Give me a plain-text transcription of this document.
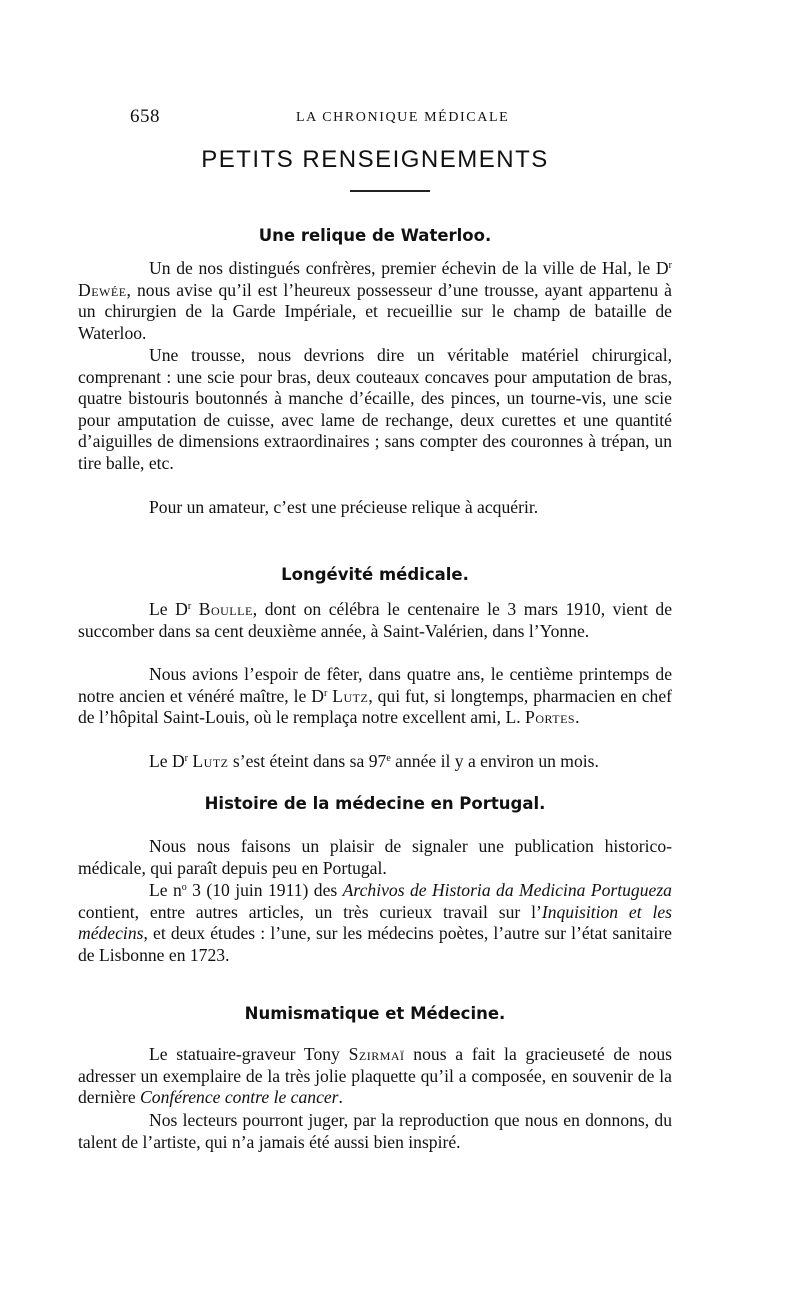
658	LA CHRONIQUE MÉDICALE
PETITS RENSEIGNEMENTS
Une relique de Waterloo.

Un de nos distingués confrères, premier échevin de la ville de Hal, le $D^r$ Dewée, nous avise qu’il est l’heureux possesseur d’une trousse, ayant appartenu à un chirurgien de la Garde Impériale, et recueillie sur le champ de bataille de Waterloo.

Une trousse, nous devrions dire un véritable matériel chirurgical, comprenant : une scie pour bras, deux couteaux concaves pour amputation de bras, quatre bistouris boutonnés à manche d’écaille, des pinces, un tourne-vis, une scie pour amputation de cuisse, avec lame de rechange, deux curettes et une quantité d’aiguilles de dimensions extraordinaires ; sans compter des couronnes à trépan, un tire balle, etc.

Pour un amateur, c’est une précieuse relique à acquérir.

Longévité médicale.

Le $D^r$ Boulle, dont on célébra le centenaire le 3 mars 1910, vient de succomber dans sa cent deuxième année, à Saint-Valérien, dans l’Yonne.

Nous avions l’espoir de fêter, dans quatre ans, le centième printemps de notre ancien et vénéré maître, le $D^r$ Lutz, qui fut, si longtemps, pharmacien en chef de l’hôpital Saint-Louis, où le remplaça notre excellent ami, L. Portes.

Le $D^r$ Lutz s’est éteint dans sa 97e année il y a environ un mois.

Histoire de la médecine en Portugal.

Nous nous faisons un plaisir de signaler une publication historico-médicale, qui paraît depuis peu en Portugal.

Le $n^o$ 3 (10 juin 1911) des Archivos de Historia da Medicina Portugueza contient, entre autres articles, un très curieux travail sur l’Inquisition et les médecins, et deux études : l’une, sur les médecins poètes, l’autre sur l’état sanitaire de Lisbonne en 1723.

Numismatique et Médecine.

Le statuaire-graveur Tony Szirmaï nous a fait la gracieuseté de nous adresser un exemplaire de la très jolie plaquette qu’il a composée, en souvenir de la dernière Conférence contre le cancer.

Nos lecteurs pourront juger, par la reproduction que nous en donnons, du talent de l’artiste, qui n’a jamais été aussi bien inspiré.
